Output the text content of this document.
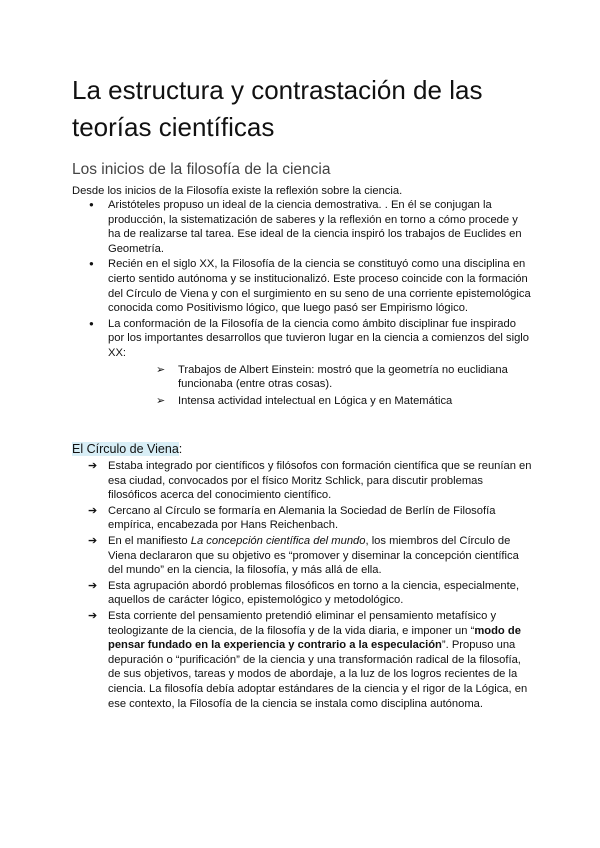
La estructura y contrastación de las teorías científicas
Los inicios de la filosofía de la ciencia

Desde los inicios de la Filosofía existe la reflexión sobre la ciencia.

● Aristóteles propuso un ideal de la ciencia demostrativa. . En él se conjugan la producción, la sistematización de saberes y la reflexión en torno a cómo procede y ha de realizarse tal tarea. Ese ideal de la ciencia inspiró los trabajos de Euclides en Geometría.
● Recién en el siglo XX, la Filosofía de la ciencia se constituyó como una disciplina en cierto sentido autónoma y se institucionalizó. Este proceso coincide con la formación del Círculo de Viena y con el surgimiento en su seno de una corriente epistemológica conocida como Positivismo lógico, que luego pasó ser Empirismo lógico.
● La conformación de la Filosofía de la ciencia como ámbito disciplinar fue inspirado por los importantes desarrollos que tuvieron lugar en la ciencia a comienzos del siglo XX:
➢ Trabajos de Albert Einstein: mostró que la geometría no euclidiana funcionaba (entre otras cosas).
➢ Intensa actividad intelectual en Lógica y en Matemática
El Círculo de Viena:
➔ Estaba integrado por científicos y filósofos con formación científica que se reunían en esa ciudad, convocados por el físico Moritz Schlick, para discutir problemas filosóficos acerca del conocimiento científico.
➔ Cercano al Círculo se formaría en Alemania la Sociedad de Berlín de Filosofía empírica, encabezada por Hans Reichenbach.
➔ En el manifiesto La concepción científica del mundo, los miembros del Círculo de Viena declararon que su objetivo es “promover y diseminar la concepción científica del mundo” en la ciencia, la filosofía, y más allá de ella.
➔ Esta agrupación abordó problemas filosóficos en torno a la ciencia, especialmente, aquellos de carácter lógico, epistemológico y metodológico.
➔ Esta corriente del pensamiento pretendió eliminar el pensamiento metafísico y teologizante de la ciencia, de la filosofía y de la vida diaria, e imponer un “modo de pensar fundado en la experiencia y contrario a la especulación”. Propuso una depuración o “purificación” de la ciencia y una transformación radical de la filosofía, de sus objetivos, tareas y modos de abordaje, a la luz de los logros recientes de la ciencia. La filosofía debía adoptar estándares de la ciencia y el rigor de la Lógica, en ese contexto, la Filosofía de la ciencia se instala como disciplina autónoma.
